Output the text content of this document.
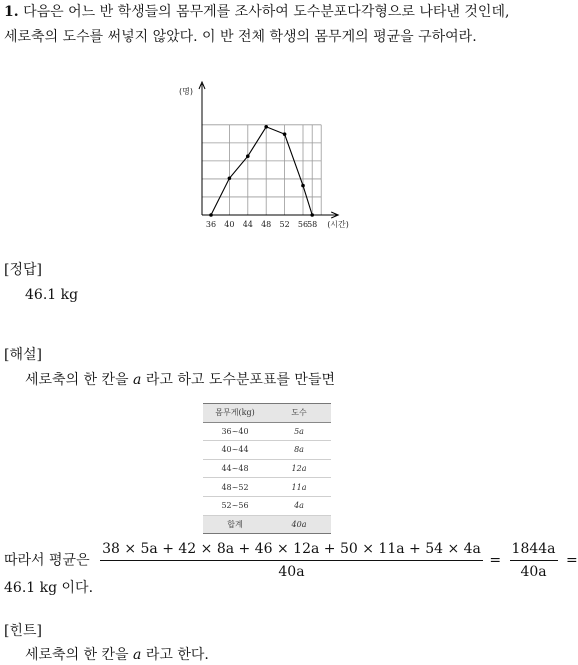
1. 다음은 어느 반 학생들의 몸무게를 조사하여 도수분포다각형으로 나타낸 것인데, 세로축의 도수를 써넣지 않았다. 이 반 전체 학생의 몸무게의 평균을 구하여라.
36 40 44 48 52 56 58 (시간)
(명)
[정답]
46.1 kg
[해설]
세로축의 한 칸을 a 라고 하고 도수분포표를 만들면
몸무게(kg)	도수
36~40	5a
40~44	8a
44~48	12a
48~52	11a
52~56	4a
합계	40a
따라서 평균은 $\frac{38 \times 5a + 42 \times 8a + 46 \times 12a + 50 \times 11a + 54 \times 4a}{40a} = \frac{1844a}{40a}$ =
46.1 kg 이다.
[힌트]
세로축의 한 칸을 a 라고 한다.
